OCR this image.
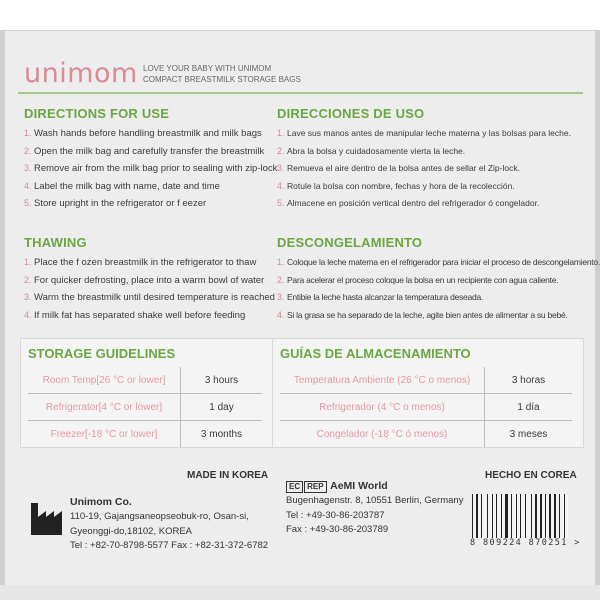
unimom LOVE YOUR BABY WITH UNIMOM
COMPACT BREASTMILK STORAGE BAGS
DIRECTIONS FOR USE
1. Wash hands before handling breastmilk and milk bags
2. Open the milk bag and carefully transfer the breastmilk
3. Remove air from the milk bag prior to sealing with zip-lock
4. Label the milk bag with name, date and time
5. Store upright in the refrigerator or f eezer
DIRECCIONES DE USO
1. Lave sus manos antes de manipular leche materna y las bolsas para leche.
2. Abra la bolsa y cuidadosamente vierta la leche.
3. Remueva el aire dentro de la bolsa antes de sellar el Zip-lock.
4. Rotule la bolsa con nombre, fechas y hora de la recolección.
5. Almacene en posición vertical dentro del refrigerador ó congelador.
THAWING
1. Place the f ozen breastmilk in the refrigerator to thaw
2. For quicker defrosting, place into a warm bowl of water
3. Warm the breastmilk until desired temperature is reached
4. If milk fat has separated shake well before feeding
DESCONGELAMIENTO
1. Coloque la leche materna en el refrigerador para iniciar el proceso de descongelamiento.
2. Para acelerar el proceso coloque la bolsa en un recipiente con agua caliente.
3. Entibie la leche hasta alcanzar la temperatura deseada.
4. Si la grasa se ha separado de la leche, agite bien antes de alimentar a su bebé.
STORAGE GUIDELINES
Room Temp[26 °C or lower]	3 hours
Refrigerator[4 °C or lower]	1 day
Freezer[-18 °C or lower]	3 months
GUÍAS DE ALMACENAMIENTO
Temperatura Ambiente (26 °C o menos)	3 horas
Refrigerador (4 °C o menos)	1 día
Congelador (-18 °C ó menos)	3 meses
MADE IN KOREA	HECHO EN COREA
Unimom Co.
110-19, Gajangsaneopseobuk-ro, Osan-si,
Gyeonggi-do,18102, KOREA
Tel : +82-70-8798-5577 Fax : +82-31-372-6782
EC REP AeMI World
Bugenhagenstr. 8, 10551 Berlin, Germany
Tel : +49-30-86-203787
Fax : +49-30-86-203789
8 809224 870251 >
